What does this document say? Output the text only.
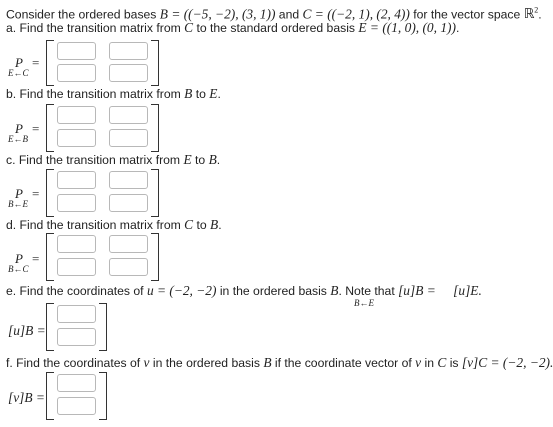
Consider the ordered bases B = ((−5, −2), (3, 1)) and C = ((−2, 1), (2, 4)) for the vector space ℝ$^2$.
a. Find the transition matrix from C to the standard ordered basis E = ((1, 0), (0, 1)).
P =
E←C
b. Find the transition matrix from B to E.
P =
E←B
c. Find the transition matrix from E to B.
P =
B←E
d. Find the transition matrix from C to B.
P =
B←C
e. Find the coordinates of u = (−2, −2) in the ordered basis B. Note that [u]B = [u]E.
B←E
[u]B =
f. Find the coordinates of v in the ordered basis B if the coordinate vector of v in C is [v]C = (−2, −2).
[v]B =
